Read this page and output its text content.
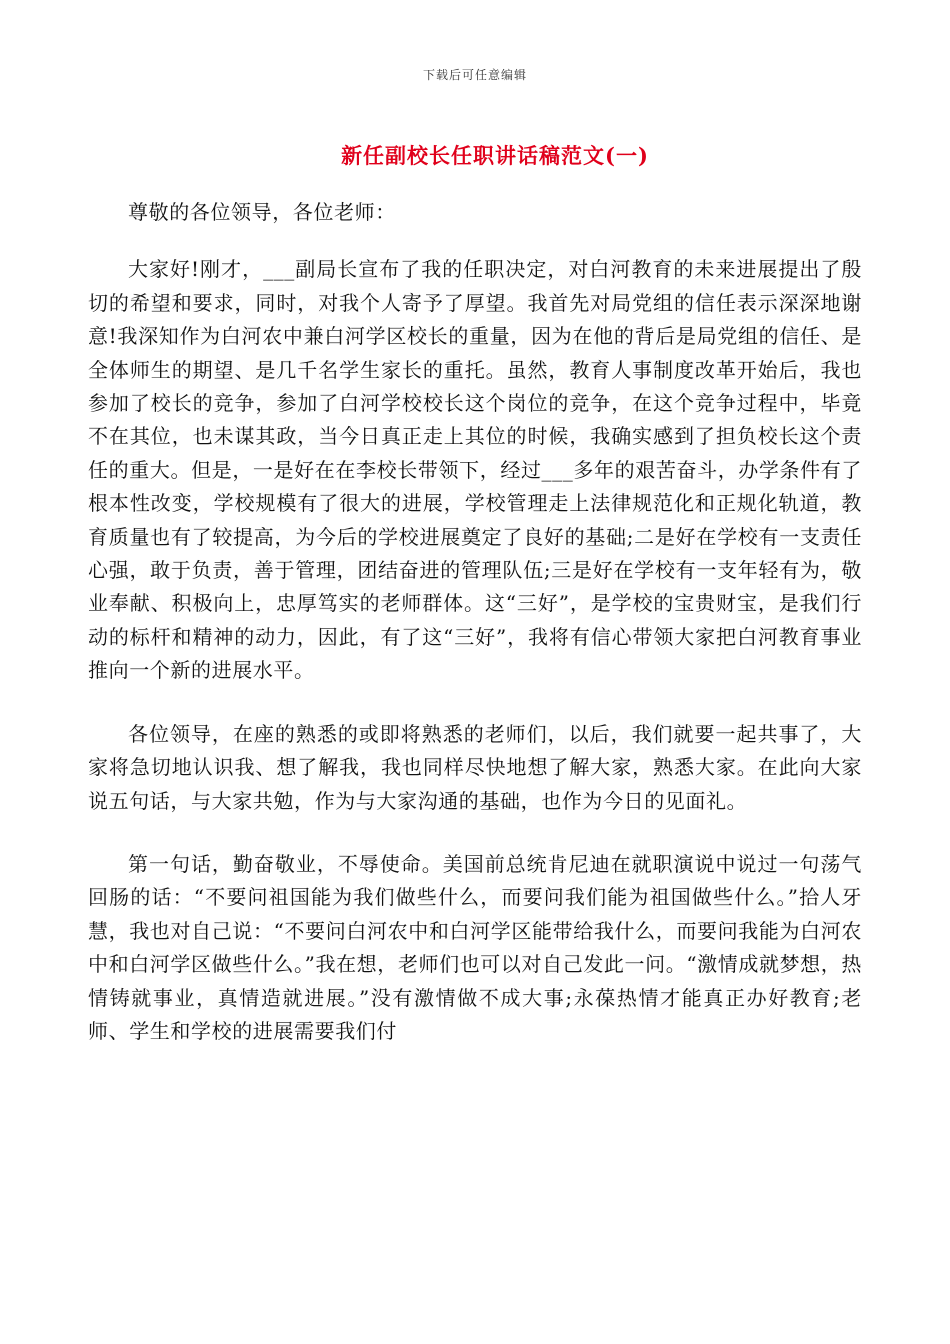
下载后可任意编辑
新任副校长任职讲话稿范文(一)

尊敬的各位领导，各位老师：

大家好!刚才，___副局长宣布了我的任职决定，对白河教育的未来进展提出了殷切的希望和要求，同时，对我个人寄予了厚望。我首先对局党组的信任表示深深地谢意!我深知作为白河农中兼白河学区校长的重量，因为在他的背后是局党组的信任、是全体师生的期望、是几千名学生家长的重托。虽然，教育人事制度改革开始后，我也参加了校长的竞争，参加了白河学校校长这个岗位的竞争，在这个竞争过程中，毕竟不在其位，也未谋其政，当今日真正走上其位的时候，我确实感到了担负校长这个责任的重大。但是，一是好在在李校长带领下，经过___多年的艰苦奋斗，办学条件有了根本性改变，学校规模有了很大的进展，学校管理走上法律规范化和正规化轨道，教育质量也有了较提高，为今后的学校进展奠定了良好的基础;二是好在学校有一支责任心强，敢于负责，善于管理，团结奋进的管理队伍;三是好在学校有一支年轻有为，敬业奉献、积极向上，忠厚笃实的老师群体。这“三好”，是学校的宝贵财宝，是我们行动的标杆和精神的动力，因此，有了这“三好”，我将有信心带领大家把白河教育事业推向一个新的进展水平。

各位领导，在座的熟悉的或即将熟悉的老师们，以后，我们就要一起共事了，大家将急切地认识我、想了解我，我也同样尽快地想了解大家，熟悉大家。在此向大家说五句话，与大家共勉，作为与大家沟通的基础，也作为今日的见面礼。

第一句话，勤奋敬业，不辱使命。美国前总统肯尼迪在就职演说中说过一句荡气回肠的话：“不要问祖国能为我们做些什么，而要问我们能为祖国做些什么。”拾人牙慧，我也对自己说：“不要问白河农中和白河学区能带给我什么，而要问我能为白河农中和白河学区做些什么。”我在想，老师们也可以对自己发此一问。“激情成就梦想，热情铸就事业，真情造就进展。”没有激情做不成大事;永葆热情才能真正办好教育;老师、学生和学校的进展需要我们付
